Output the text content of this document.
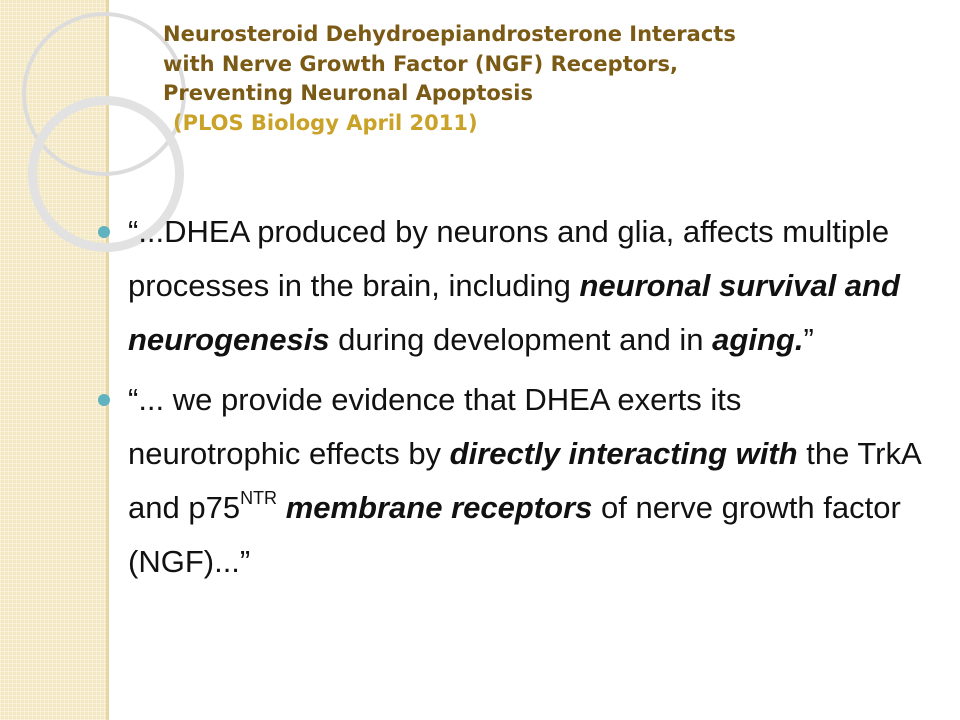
Neurosteroid Dehydroepiandrosterone Interacts
with Nerve Growth Factor (NGF) Receptors,
Preventing Neuronal Apoptosis
(PLOS Biology April 2011)
“...DHEA produced by neurons and glia, affects multiple processes in the brain, including neuronal survival and neurogenesis during development and in aging.”
“... we provide evidence that DHEA exerts its neurotrophic effects by directly interacting with the TrkA and $p75^{NTR}$ membrane receptors of nerve growth factor (NGF)...”
